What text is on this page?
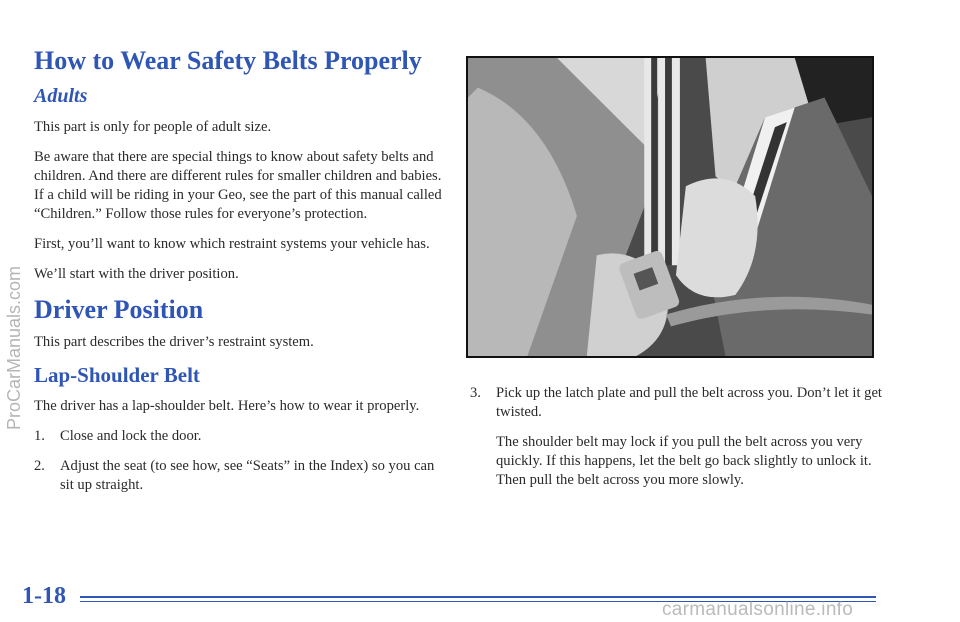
How to Wear Safety Belts Properly
Adults

This part is only for people of adult size.

Be aware that there are special things to know about safety belts and children. And there are different rules for smaller children and babies. If a child will be riding in your Geo, see the part of this manual called “Children.” Follow those rules for everyone’s protection.

First, you’ll want to know which restraint systems your vehicle has.

We’ll start with the driver position.

Driver Position

This part describes the driver’s restraint system.

Lap-Shoulder Belt

The driver has a lap-shoulder belt. Here’s how to wear it properly.

1.	Close and lock the door.
2.	Adjust the seat (to see how, see “Seats” in the Index) so you can sit up straight.
3.	Pick up the latch plate and pull the belt across you. Don’t let it get twisted.

The shoulder belt may lock if you pull the belt across you very quickly. If this happens, let the belt go back slightly to unlock it. Then pull the belt across you more slowly.

1-18
ProCarManuals.com
carmanualsonline.info
